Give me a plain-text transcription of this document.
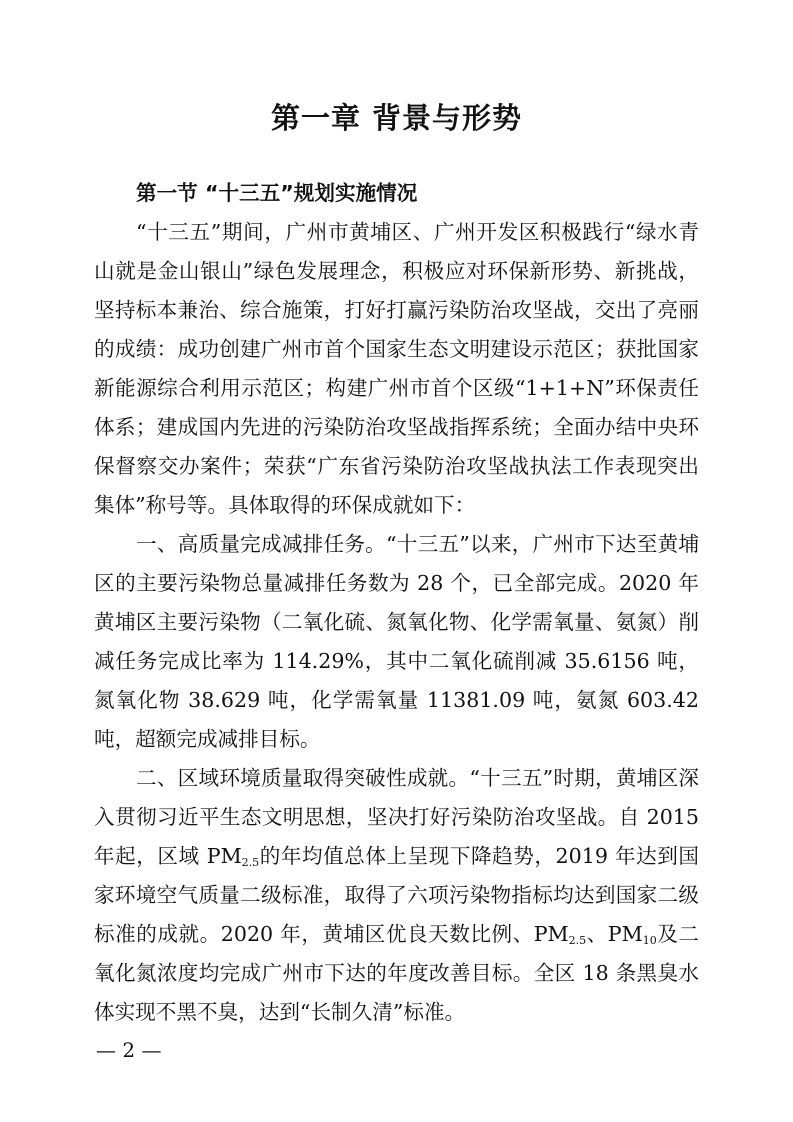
第一章 背景与形势

第一节 “十三五”规划实施情况

“十三五”期间，广州市黄埔区、广州开发区积极践行“绿水青山就是金山银山”绿色发展理念，积极应对环保新形势、新挑战，坚持标本兼治、综合施策，打好打赢污染防治攻坚战，交出了亮丽的成绩：成功创建广州市首个国家生态文明建设示范区；获批国家新能源综合利用示范区；构建广州市首个区级“1+1+N”环保责任体系；建成国内先进的污染防治攻坚战指挥系统；全面办结中央环保督察交办案件；荣获“广东省污染防治攻坚战执法工作表现突出集体”称号等。具体取得的环保成就如下：

一、高质量完成减排任务。“十三五”以来，广州市下达至黄埔区的主要污染物总量减排任务数为 28 个，已全部完成。2020 年黄埔区主要污染物（二氧化硫、氮氧化物、化学需氧量、氨氮）削减任务完成比率为 114.29%，其中二氧化硫削减 35.6156 吨，氮氧化物 38.629 吨，化学需氧量 11381.09 吨，氨氮 603.42 吨，超额完成减排目标。

二、区域环境质量取得突破性成就。“十三五”时期，黄埔区深入贯彻习近平生态文明思想，坚决打好污染防治攻坚战。自 2015 年起，区域 $PM_{2.5}$的年均值总体上呈现下降趋势，2019 年达到国家环境空气质量二级标准，取得了六项污染物指标均达到国家二级标准的成就。2020 年，黄埔区优良天数比例、$PM_{2.5}$、$PM_{10}$及二氧化氮浓度均完成广州市下达的年度改善目标。全区 18 条黑臭水体实现不黑不臭，达到“长制久清”标准。

— 2 —
